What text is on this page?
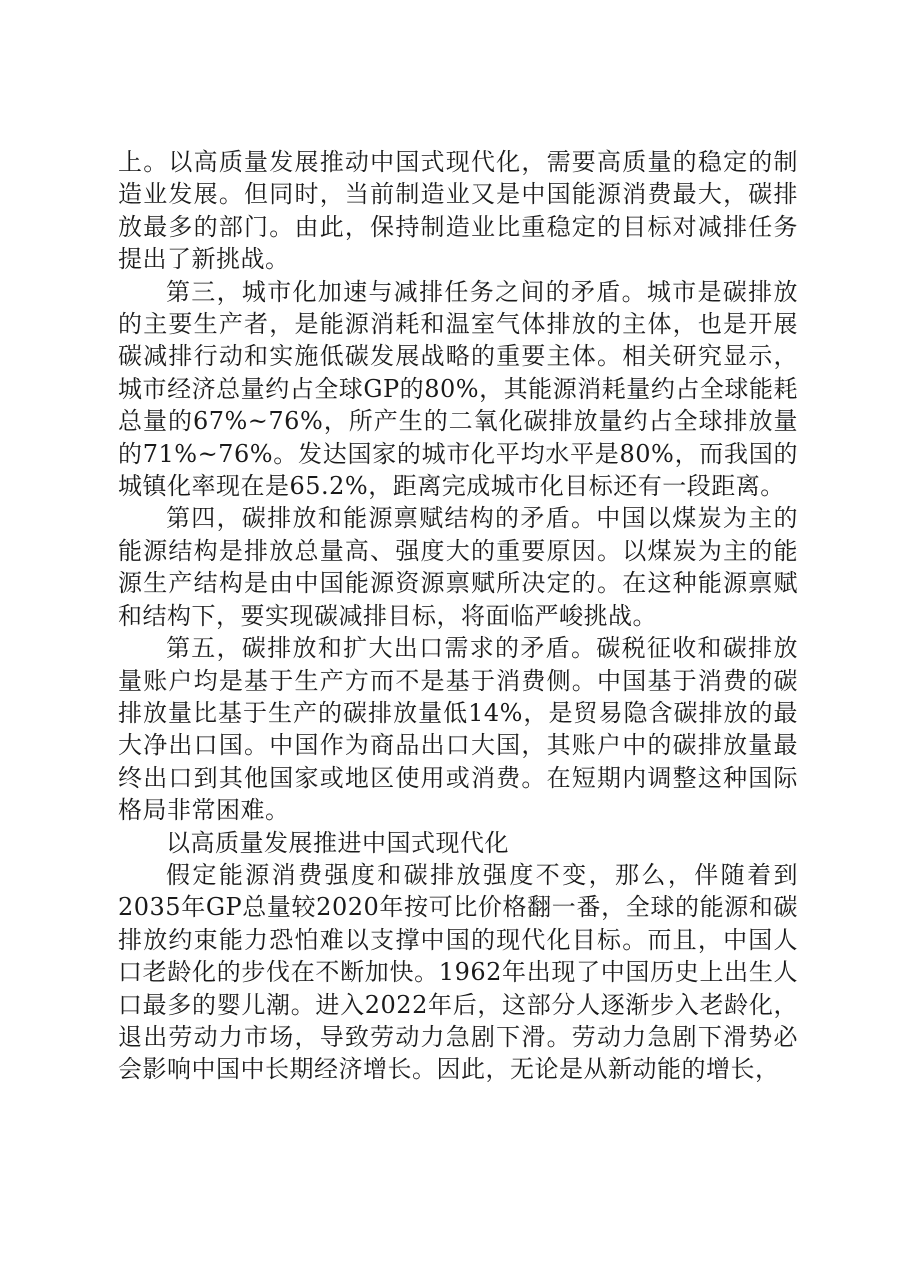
上。以高质量发展推动中国式现代化，需要高质量的稳定的制造业发展。但同时，当前制造业又是中国能源消费最大，碳排放最多的部门。由此，保持制造业比重稳定的目标对减排任务提出了新挑战。

第三，城市化加速与减排任务之间的矛盾。城市是碳排放的主要生产者，是能源消耗和温室气体排放的主体，也是开展碳减排行动和实施低碳发展战略的重要主体。相关研究显示，城市经济总量约占全球GP的80%，其能源消耗量约占全球能耗总量的67%~76%，所产生的二氧化碳排放量约占全球排放量的71%~76%。发达国家的城市化平均水平是80%，而我国的城镇化率现在是65.2%，距离完成城市化目标还有一段距离。

第四，碳排放和能源禀赋结构的矛盾。中国以煤炭为主的能源结构是排放总量高、强度大的重要原因。以煤炭为主的能源生产结构是由中国能源资源禀赋所决定的。在这种能源禀赋和结构下，要实现碳减排目标，将面临严峻挑战。

第五，碳排放和扩大出口需求的矛盾。碳税征收和碳排放量账户均是基于生产方而不是基于消费侧。中国基于消费的碳排放量比基于生产的碳排放量低14%，是贸易隐含碳排放的最大净出口国。中国作为商品出口大国，其账户中的碳排放量最终出口到其他国家或地区使用或消费。在短期内调整这种国际格局非常困难。

以高质量发展推进中国式现代化

假定能源消费强度和碳排放强度不变，那么，伴随着到2035年GP总量较2020年按可比价格翻一番，全球的能源和碳排放约束能力恐怕难以支撑中国的现代化目标。而且，中国人口老龄化的步伐在不断加快。1962年出现了中国历史上出生人口最多的婴儿潮。进入2022年后，这部分人逐渐步入老龄化，退出劳动力市场，导致劳动力急剧下滑。劳动力急剧下滑势必会影响中国中长期经济增长。因此，无论是从新动能的增长，
